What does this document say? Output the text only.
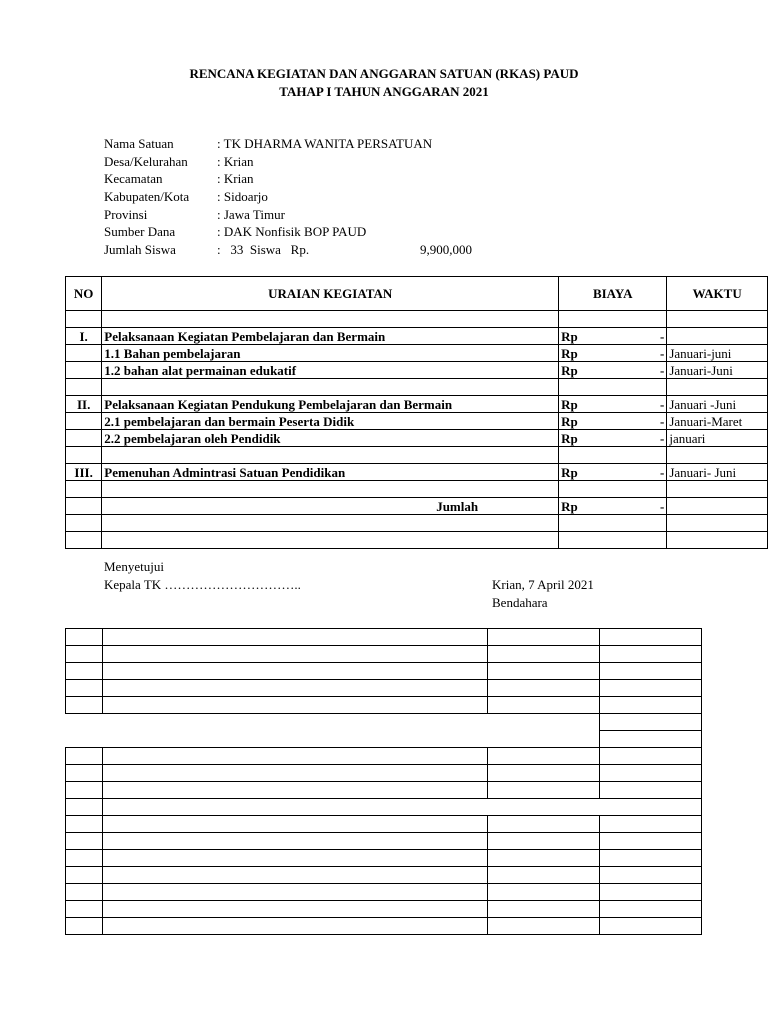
RENCANA KEGIATAN DAN ANGGARAN SATUAN (RKAS) PAUD
TAHAP I TAHUN ANGGARAN 2021
Nama Satuan	: TK DHARMA WANITA PERSATUAN
Desa/Kelurahan : Krian
Kecamatan	: Krian
Kabupaten/Kota : Sidoarjo
Provinsi	: Jawa Timur
Sumber Dana	: DAK Nonfisik BOP PAUD
Jumlah Siswa	:   33  Siswa   Rp.	9,900,000
NO	URAIAN KEGIATAN	BIAYA	WAKTU

I.	Pelaksanaan Kegiatan Pembelajaran dan Bermain	Rp -	

	1.1 Bahan pembelajaran	Rp -	Januari-juni
	1.2 bahan alat permainan edukatif	Rp -	Januari-Juni

II.	Pelaksanaan Kegiatan Pendukung Pembelajaran dan Bermain	Rp -	Januari -Juni
	2.1 pembelajaran dan bermain Peserta Didik	Rp -	Januari-Maret
	2.2 pembelajaran oleh Pendidik	Rp -	januari

III.	Pemenuhan Admintrasi Satuan Pendidikan	Rp -	Januari- Juni

	Jumlah	Rp -	

Menyetujui
Kepala TK …………………………..	Krian, 7 April 2021
Bendahara
